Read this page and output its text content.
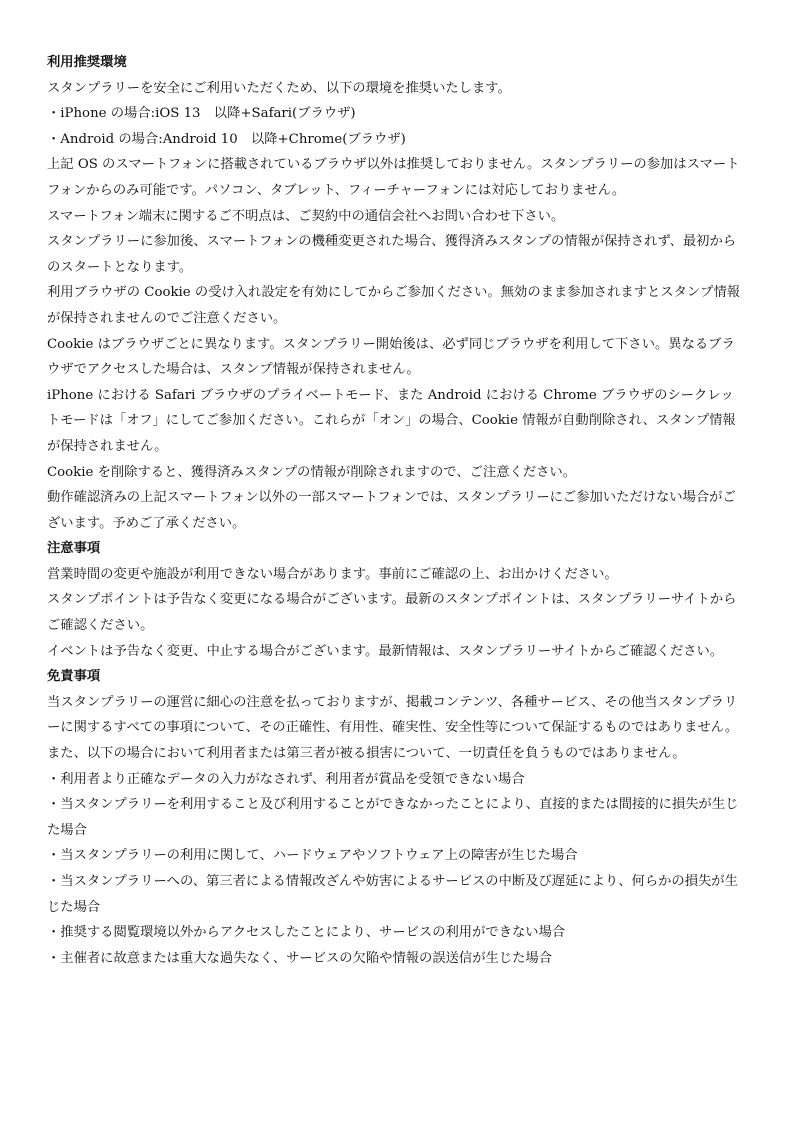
利用推奨環境

スタンプラリーを安全にご利用いただくため、以下の環境を推奨いたします。

・iPhone の場合:iOS 13　以降+Safari(ブラウザ)

・Android の場合:Android 10　以降+Chrome(ブラウザ)

上記 OS のスマートフォンに搭載されているブラウザ以外は推奨しておりません。スタンプラリーの参加はスマートフォンからのみ可能です。パソコン、タブレット、フィーチャーフォンには対応しておりません。

スマートフォン端末に関するご不明点は、ご契約中の通信会社へお問い合わせ下さい。

スタンプラリーに参加後、スマートフォンの機種変更された場合、獲得済みスタンプの情報が保持されず、最初からのスタートとなります。

利用ブラウザの Cookie の受け入れ設定を有効にしてからご参加ください。無効のまま参加されますとスタンプ情報が保持されませんのでご注意ください。

Cookie はブラウザごとに異なります。スタンプラリー開始後は、必ず同じブラウザを利用して下さい。異なるブラウザでアクセスした場合は、スタンプ情報が保持されません。

iPhone における Safari ブラウザのプライベートモード、また Android における Chrome ブラウザのシークレットモードは「オフ」にしてご参加ください。これらが「オン」の場合、Cookie 情報が自動削除され、スタンプ情報が保持されません。

Cookie を削除すると、獲得済みスタンプの情報が削除されますので、ご注意ください。

動作確認済みの上記スマートフォン以外の一部スマートフォンでは、スタンプラリーにご参加いただけない場合がございます。予めご了承ください。

注意事項

営業時間の変更や施設が利用できない場合があります。事前にご確認の上、お出かけください。

スタンプポイントは予告なく変更になる場合がございます。最新のスタンプポイントは、スタンプラリーサイトからご確認ください。

イベントは予告なく変更、中止する場合がございます。最新情報は、スタンプラリーサイトからご確認ください。

免責事項

当スタンプラリーの運営に細心の注意を払っておりますが、掲載コンテンツ、各種サービス、その他当スタンプラリーに関するすべての事項について、その正確性、有用性、確実性、安全性等について保証するものではありません。また、以下の場合において利用者または第三者が被る損害について、一切責任を負うものではありません。

・利用者より正確なデータの入力がなされず、利用者が賞品を受領できない場合

・当スタンプラリーを利用すること及び利用することができなかったことにより、直接的または間接的に損失が生じた場合

・当スタンプラリーの利用に関して、ハードウェアやソフトウェア上の障害が生じた場合

・当スタンプラリーへの、第三者による情報改ざんや妨害によるサービスの中断及び遅延により、何らかの損失が生じた場合

・推奨する閲覧環境以外からアクセスしたことにより、サービスの利用ができない場合

・主催者に故意または重大な過失なく、サービスの欠陥や情報の誤送信が生じた場合
